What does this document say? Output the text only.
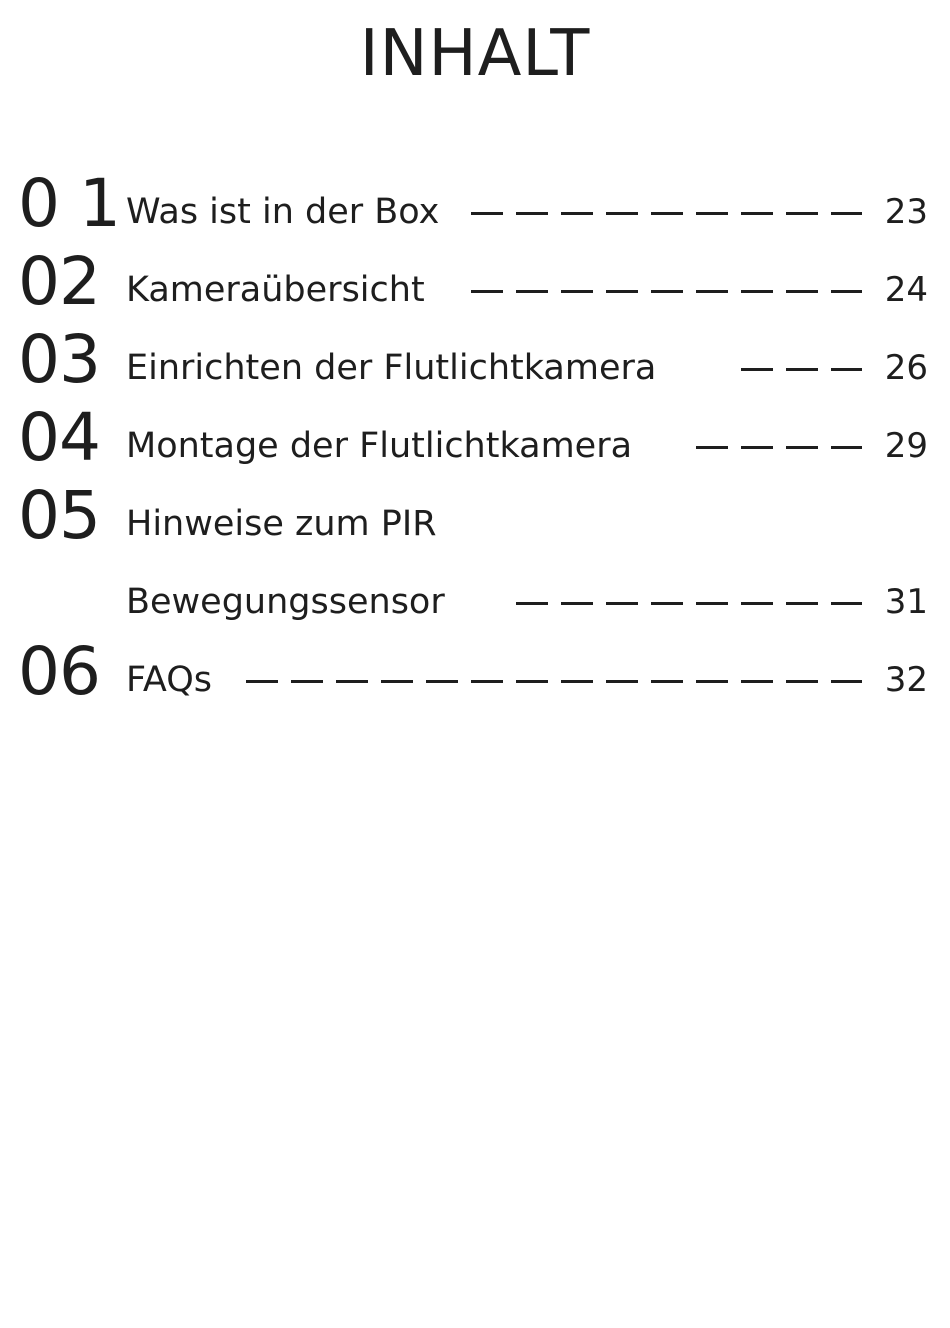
INHALT
0 1 Was ist in der Box	23
02 Kameraübersicht	24
03 Einrichten der Flutlichtkamera	26
04 Montage der Flutlichtkamera	29
05 Hinweise zum PIR
Bewegungssensor	31
06 FAQs	32
